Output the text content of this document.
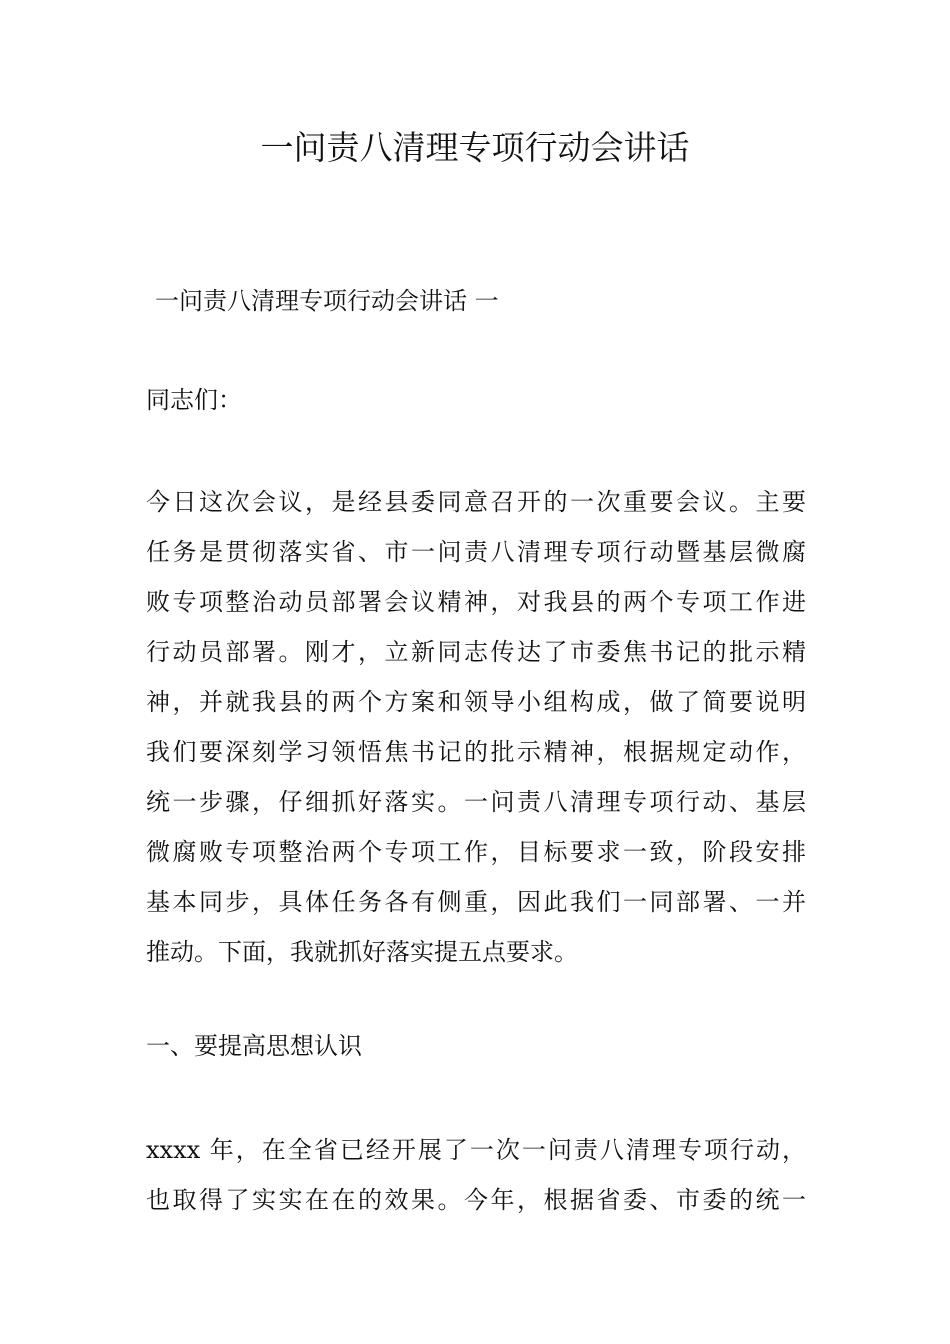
一问责八清理专项行动会讲话
一问责八清理专项行动会讲话 一
同志们：

今日这次会议，是经县委同意召开的一次重要会议。主要
任务是贯彻落实省、市一问责八清理专项行动暨基层微腐
败专项整治动员部署会议精神，对我县的两个专项工作进
行动员部署。刚才，立新同志传达了市委焦书记的批示精
神，并就我县的两个方案和领导小组构成，做了简要说明
我们要深刻学习领悟焦书记的批示精神，根据规定动作，
统一步骤，仔细抓好落实。一问责八清理专项行动、基层
微腐败专项整治两个专项工作，目标要求一致，阶段安排
基本同步，具体任务各有侧重，因此我们一同部署、一并
推动。下面，我就抓好落实提五点要求。

一、要提高思想认识

xxxx 年，在全省已经开展了一次一问责八清理专项行动，
也取得了实实在在的效果。今年，根据省委、市委的统一
